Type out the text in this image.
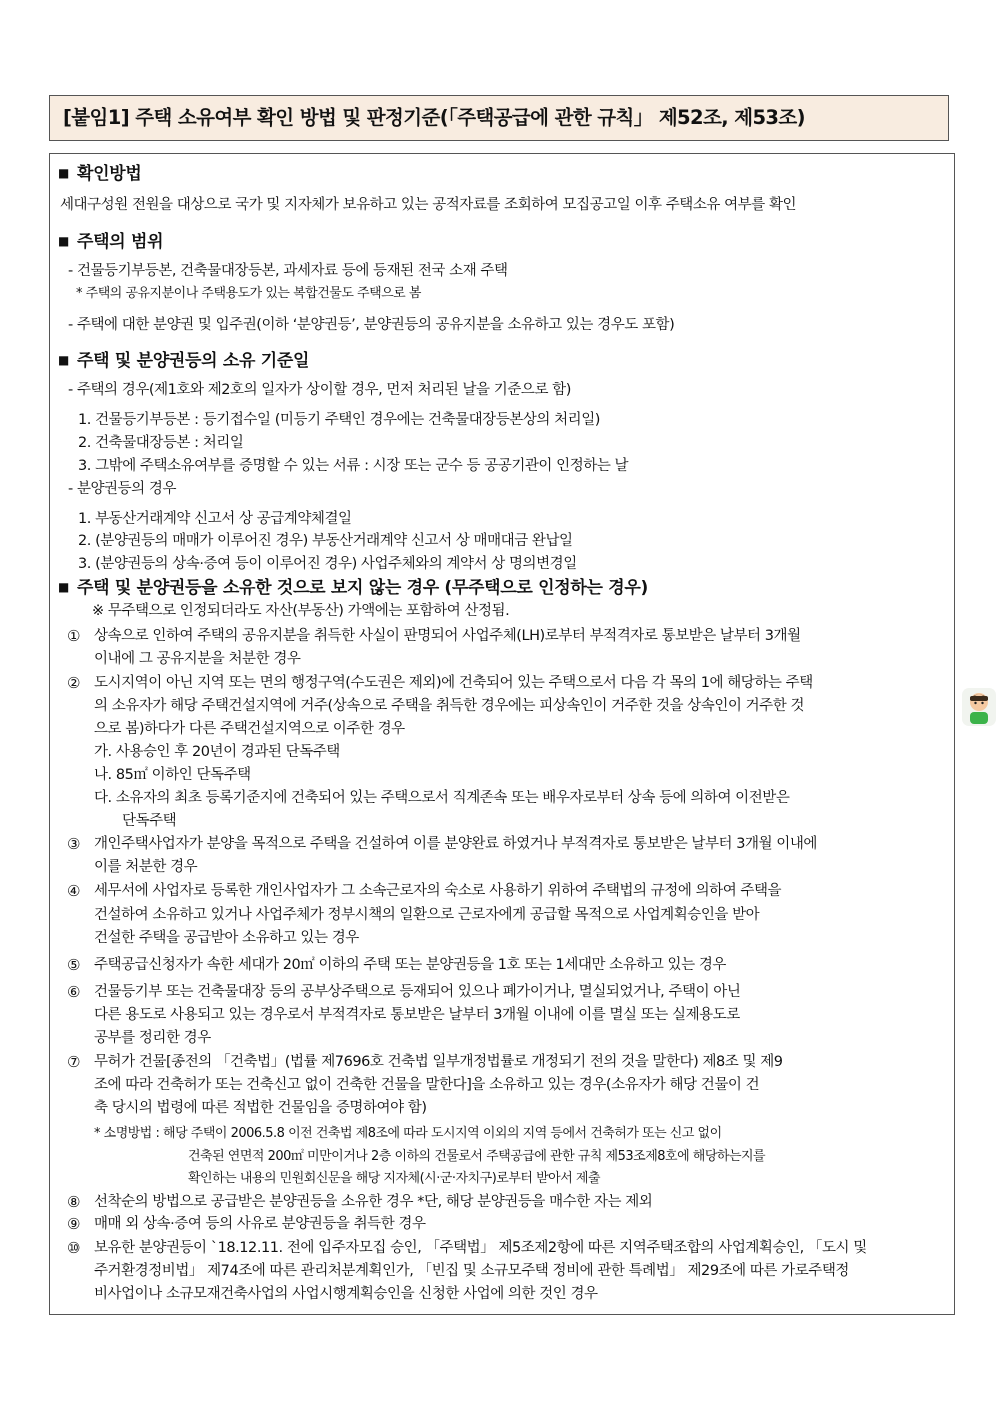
[붙임1] 주택 소유여부 확인 방법 및 판정기준(「주택공급에 관한 규칙」 제52조, 제53조)
■ 확인방법
세대구성원 전원을 대상으로 국가 및 지자체가 보유하고 있는 공적자료를 조회하여 모집공고일 이후 주택소유 여부를 확인
■ 주택의 범위
- 건물등기부등본, 건축물대장등본, 과세자료 등에 등재된 전국 소재 주택
* 주택의 공유지분이나 주택용도가 있는 복합건물도 주택으로 봄
- 주택에 대한 분양권 및 입주권(이하 ‘분양권등’, 분양권등의 공유지분을 소유하고 있는 경우도 포함)
■ 주택 및 분양권등의 소유 기준일
- 주택의 경우(제1호와 제2호의 일자가 상이할 경우, 먼저 처리된 날을 기준으로 함)
1. 건물등기부등본 : 등기접수일 (미등기 주택인 경우에는 건축물대장등본상의 처리일)
2. 건축물대장등본 : 처리일
3. 그밖에 주택소유여부를 증명할 수 있는 서류 : 시장 또는 군수 등 공공기관이 인정하는 날
- 분양권등의 경우
1. 부동산거래계약 신고서 상 공급계약체결일
2. (분양권등의 매매가 이루어진 경우) 부동산거래계약 신고서 상 매매대금 완납일
3. (분양권등의 상속·증여 등이 이루어진 경우) 사업주체와의 계약서 상 명의변경일
■ 주택 및 분양권등을 소유한 것으로 보지 않는 경우 (무주택으로 인정하는 경우)
※ 무주택으로 인정되더라도 자산(부동산) 가액에는 포함하여 산정됨.
①
②
③
④
⑤
⑥
⑦
⑧
⑨
⑩
상속으로 인하여 주택의 공유지분을 취득한 사실이 판명되어 사업주체(LH)로부터 부적격자로 통보받은 날부터 3개월
이내에 그 공유지분을 처분한 경우
도시지역이 아닌 지역 또는 면의 행정구역(수도권은 제외)에 건축되어 있는 주택으로서 다음 각 목의 1에 해당하는 주택
의 소유자가 해당 주택건설지역에 거주(상속으로 주택을 취득한 경우에는 피상속인이 거주한 것을 상속인이 거주한 것
으로 봄)하다가 다른 주택건설지역으로 이주한 경우
가. 사용승인 후 20년이 경과된 단독주택
나. 85㎡ 이하인 단독주택
다. 소유자의 최초 등록기준지에 건축되어 있는 주택으로서 직계존속 또는 배우자로부터 상속 등에 의하여 이전받은
단독주택
개인주택사업자가 분양을 목적으로 주택을 건설하여 이를 분양완료 하였거나 부적격자로 통보받은 날부터 3개월 이내에
이를 처분한 경우
세무서에 사업자로 등록한 개인사업자가 그 소속근로자의 숙소로 사용하기 위하여 주택법의 규정에 의하여 주택을
건설하여 소유하고 있거나 사업주체가 정부시책의 일환으로 근로자에게 공급할 목적으로 사업계획승인을 받아
건설한 주택을 공급받아 소유하고 있는 경우
주택공급신청자가 속한 세대가 20㎡ 이하의 주택 또는 분양권등을 1호 또는 1세대만 소유하고 있는 경우
건물등기부 또는 건축물대장 등의 공부상주택으로 등재되어 있으나 폐가이거나, 멸실되었거나, 주택이 아닌
다른 용도로 사용되고 있는 경우로서 부적격자로 통보받은 날부터 3개월 이내에 이를 멸실 또는 실제용도로
공부를 정리한 경우
무허가 건물[종전의 「건축법」(법률 제7696호 건축법 일부개정법률로 개정되기 전의 것을 말한다) 제8조 및 제9
조에 따라 건축허가 또는 건축신고 없이 건축한 건물을 말한다]을 소유하고 있는 경우(소유자가 해당 건물이 건
축 당시의 법령에 따른 적법한 건물임을 증명하여야 함)
* 소명방법 : 해당 주택이 2006.5.8 이전 건축법 제8조에 따라 도시지역 이외의 지역 등에서 건축허가 또는 신고 없이
건축된 연면적 200㎡ 미만이거나 2층 이하의 건물로서 주택공급에 관한 규칙 제53조제8호에 해당하는지를
확인하는 내용의 민원회신문을 해당 지자체(시·군·자치구)로부터 받아서 제출
선착순의 방법으로 공급받은 분양권등을 소유한 경우 *단, 해당 분양권등을 매수한 자는 제외
매매 외 상속·증여 등의 사유로 분양권등을 취득한 경우
보유한 분양권등이 `18.12.11. 전에 입주자모집 승인, 「주택법」 제5조제2항에 따른 지역주택조합의 사업계획승인, 「도시 및
주거환경정비법」 제74조에 따른 관리처분계획인가, 「빈집 및 소규모주택 정비에 관한 특례법」 제29조에 따른 가로주택정
비사업이나 소규모재건축사업의 사업시행계획승인을 신청한 사업에 의한 것인 경우
